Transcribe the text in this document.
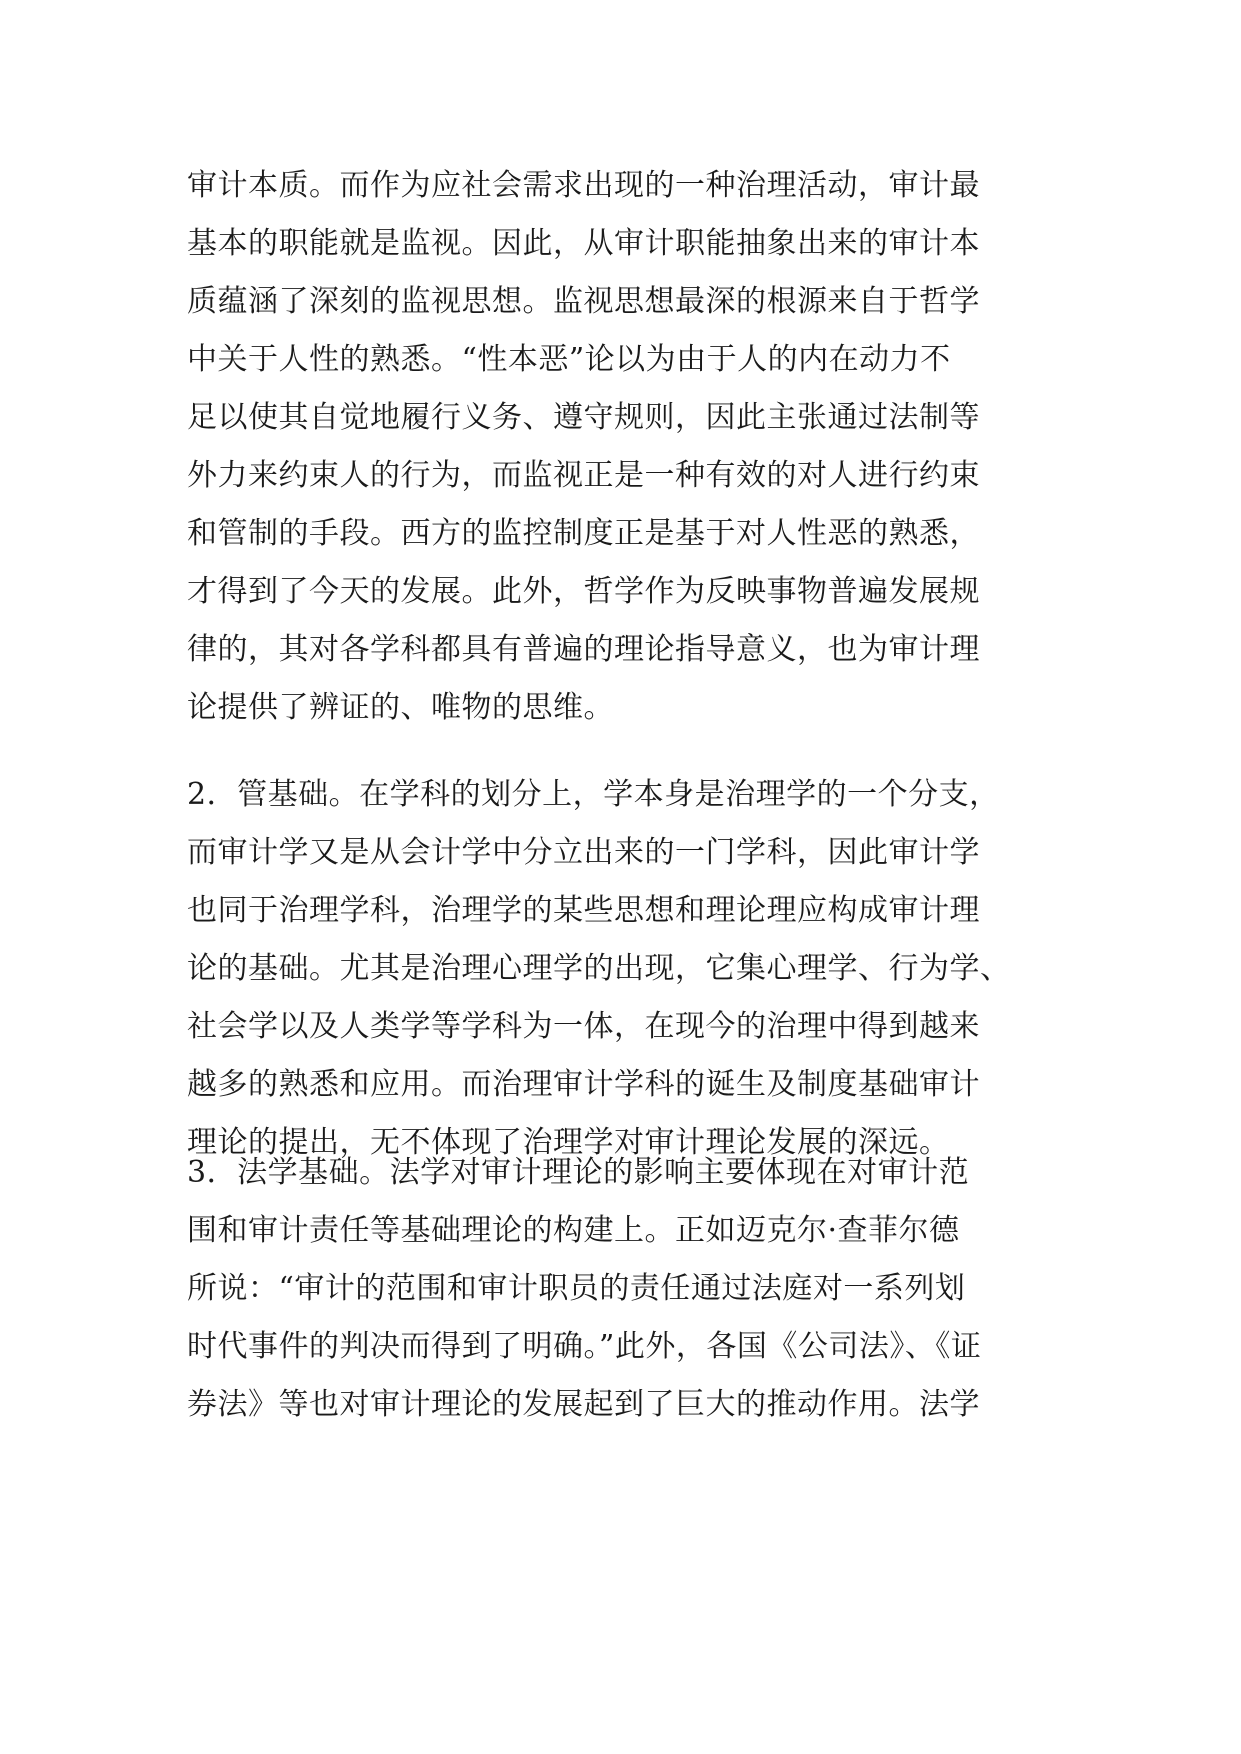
审计本质。而作为应社会需求出现的一种治理活动，审计最
基本的职能就是监视。因此，从审计职能抽象出来的审计本
质蕴涵了深刻的监视思想。监视思想最深的根源来自于哲学
中关于人性的熟悉。“性本恶”论以为由于人的内在动力不
足以使其自觉地履行义务、遵守规则，因此主张通过法制等
外力来约束人的行为，而监视正是一种有效的对人进行约束
和管制的手段。西方的监控制度正是基于对人性恶的熟悉，
才得到了今天的发展。此外，哲学作为反映事物普遍发展规
律的，其对各学科都具有普遍的理论指导意义，也为审计理
论提供了辨证的、唯物的思维。
2．管基础。在学科的划分上，学本身是治理学的一个分支，
而审计学又是从会计学中分立出来的一门学科，因此审计学
也同于治理学科，治理学的某些思想和理论理应构成审计理
论的基础。尤其是治理心理学的出现，它集心理学、行为学、
社会学以及人类学等学科为一体，在现今的治理中得到越来
越多的熟悉和应用。而治理审计学科的诞生及制度基础审计
理论的提出，无不体现了治理学对审计理论发展的深远。
3．法学基础。法学对审计理论的影响主要体现在对审计范
围和审计责任等基础理论的构建上。正如迈克尔·查菲尔德
所说：“审计的范围和审计职员的责任通过法庭对一系列划
时代事件的判决而得到了明确。”此外，各国《公司法》、《证
券法》等也对审计理论的发展起到了巨大的推动作用。法学
